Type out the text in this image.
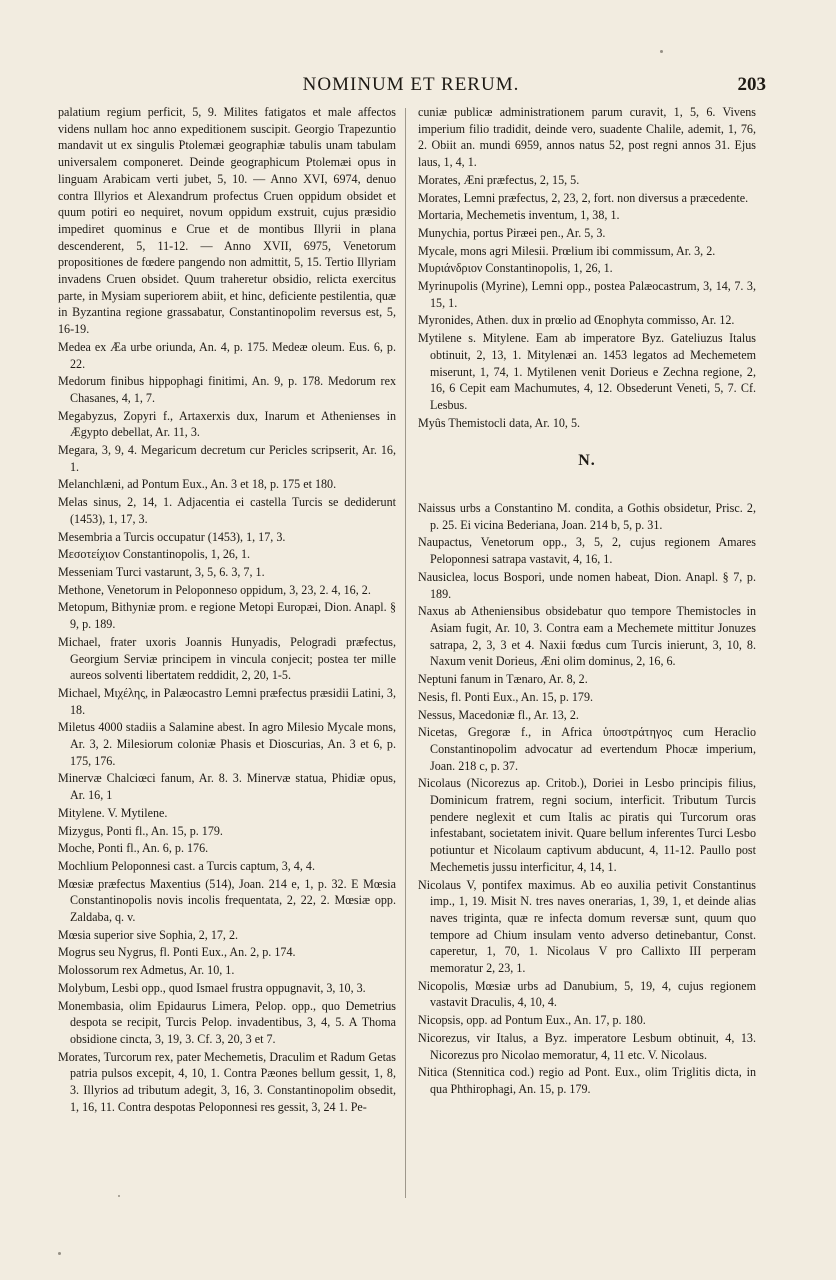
NOMINUM ET RERUM.	203

palatium regium perficit, 5, 9. Milites fatigatos et male affectos videns nullam hoc anno expeditionem suscipit. Georgio Trapezuntio mandavit ut ex singulis Ptolemæi geographiæ tabulis unam tabulam universalem componeret. Deinde geographicum Ptolemæi opus in linguam Arabicam verti jubet, 5, 10. — Anno XVI, 6974, denuo contra Illyrios et Alexandrum profectus Cruen oppidum obsidet et quum potiri eo nequiret, novum oppidum exstruit, cujus præsidio impediret quominus e Crue et de montibus Illyrii in plana descenderent, 5, 11-12. — Anno XVII, 6975, Venetorum propositiones de fœdere pangendo non admittit, 5, 15. Tertio Illyriam invadens Cruen obsidet. Quum traheretur obsidio, relicta exercitus parte, in Mysiam superiorem abiit, et hinc, deficiente pestilentia, quæ in Byzantina regione grassabatur, Constantinopolim reversus est, 5, 16-19.

Medea ex Æa urbe oriunda, An. 4, p. 175. Medeæ oleum. Eus. 6, p. 22.

Medorum finibus hippophagi finitimi, An. 9, p. 178. Medorum rex Chasanes, 4, 1, 7.

Megabyzus, Zopyri f., Artaxerxis dux, Inarum et Athenienses in Ægypto debellat, Ar. 11, 3.

Megara, 3, 9, 4. Megaricum decretum cur Pericles scripserit, Ar. 16, 1.

Melanchlæni, ad Pontum Eux., An. 3 et 18, p. 175 et 180.

Melas sinus, 2, 14, 1. Adjacentia ei castella Turcis se dediderunt (1453), 1, 17, 3.

Mesembria a Turcis occupatur (1453), 1, 17, 3.

Μεσοτείχιον Constantinopolis, 1, 26, 1.

Messeniam Turci vastarunt, 3, 5, 6. 3, 7, 1.

Methone, Venetorum in Peloponneso oppidum, 3, 23, 2. 4, 16, 2.

Metopum, Bithyniæ prom. e regione Metopi Europæi, Dion. Anapl. § 9, p. 189.

Michael, frater uxoris Joannis Hunyadis, Pelogradi præfectus, Georgium Serviæ principem in vincula conjecit; postea ter mille aureos solventi libertatem reddidit, 2, 20, 1-5.

Michael, Μιχέλης, in Palæocastro Lemni præfectus præsidii Latini, 3, 18.

Miletus 4000 stadiis a Salamine abest. In agro Milesio Mycale mons, Ar. 3, 2. Milesiorum coloniæ Phasis et Dioscurias, An. 3 et 6, p. 175, 176.

Minervæ Chalciœci fanum, Ar. 8. 3. Minervæ statua, Phidiæ opus, Ar. 16, 1

Mitylene. V. Mytilene.

Mizygus, Ponti fl., An. 15, p. 179.

Moche, Ponti fl., An. 6, p. 176.

Mochlium Peloponnesi cast. a Turcis captum, 3, 4, 4.

Mœsiæ præfectus Maxentius (514), Joan. 214 e, 1, p. 32. E Mœsia Constantinopolis novis incolis frequentata, 2, 22, 2. Mœsiæ opp. Zaldaba, q. v.

Mœsia superior sive Sophia, 2, 17, 2.

Mogrus seu Nygrus, fl. Ponti Eux., An. 2, p. 174.

Molossorum rex Admetus, Ar. 10, 1.

Molybum, Lesbi opp., quod Ismael frustra oppugnavit, 3, 10, 3.

Monembasia, olim Epidaurus Limera, Pelop. opp., quo Demetrius despota se recipit, Turcis Pelop. invadentibus, 3, 4, 5. A Thoma obsidione cincta, 3, 19, 3. Cf. 3, 20, 3 et 7.

Morates, Turcorum rex, pater Mechemetis, Draculim et Radum Getas patria pulsos excepit, 4, 10, 1. Contra Pæones bellum gessit, 1, 8, 3. Illyrios ad tributum adegit, 3, 16, 3. Constantinopolim obsedit, 1, 16, 11. Contra despotas Peloponnesi res gessit, 3, 24 1. Pe-

cuniæ publicæ administrationem parum curavit, 1, 5, 6. Vivens imperium filio tradidit, deinde vero, suadente Chalile, ademit, 1, 76, 2. Obiit an. mundi 6959, annos natus 52, post regni annos 31. Ejus laus, 1, 4, 1.

Morates, Æni præfectus, 2, 15, 5.

Morates, Lemni præfectus, 2, 23, 2, fort. non diversus a præcedente.

Mortaria, Mechemetis inventum, 1, 38, 1.

Munychia, portus Piræei pen., Ar. 5, 3.

Mycale, mons agri Milesii. Prœlium ibi commissum, Ar. 3, 2.

Μυριάνδριον Constantinopolis, 1, 26, 1.

Myrinupolis (Myrine), Lemni opp., postea Palæocastrum, 3, 14, 7. 3, 15, 1.

Myronides, Athen. dux in prœlio ad Œnophyta commisso, Ar. 12.

Mytilene s. Mitylene. Eam ab imperatore Byz. Gateliuzus Italus obtinuit, 2, 13, 1. Mitylenæi an. 1453 legatos ad Mechemetem miserunt, 1, 74, 1. Mytilenen venit Dorieus e Zechna regione, 2, 16, 6 Cepit eam Machumutes, 4, 12. Obsederunt Veneti, 5, 7. Cf. Lesbus.

Myûs Themistocli data, Ar. 10, 5.

N.

Naissus urbs a Constantino M. condita, a Gothis obsidetur, Prisc. 2, p. 25. Ei vicina Bederiana, Joan. 214 b, 5, p. 31.

Naupactus, Venetorum opp., 3, 5, 2, cujus regionem Amares Peloponnesi satrapa vastavit, 4, 16, 1.

Nausiclea, locus Bospori, unde nomen habeat, Dion. Anapl. § 7, p. 189.

Naxus ab Atheniensibus obsidebatur quo tempore Themistocles in Asiam fugit, Ar. 10, 3. Contra eam a Mechemete mittitur Jonuzes satrapa, 2, 3, 3 et 4. Naxii fœdus cum Turcis inierunt, 3, 10, 8. Naxum venit Dorieus, Æni olim dominus, 2, 16, 6.

Neptuni fanum in Tænaro, Ar. 8, 2.

Nesis, fl. Ponti Eux., An. 15, p. 179.

Nessus, Macedoniæ fl., Ar. 13, 2.

Nicetas, Gregoræ f., in Africa ὑποστράτηγος cum Heraclio Constantinopolim advocatur ad evertendum Phocæ imperium, Joan. 218 c, p. 37.

Nicolaus (Nicorezus ap. Critob.), Dorieі in Lesbo principis filius, Dominicum fratrem, regni socium, interficit. Tributum Turcis pendere neglexit et cum Italis ac piratis qui Turcorum oras infestabant, societatem inivit. Quare bellum inferentes Turci Lesbo potiuntur et Nicolaum captivum abducunt, 4, 11-12. Paullo post Mechemetis jussu interficitur, 4, 14, 1.

Nicolaus V, pontifex maximus. Ab eo auxilia petivit Constantinus imp., 1, 19. Misit N. tres naves onerarias, 1, 39, 1, et deinde alias naves triginta, quæ re infecta domum reversæ sunt, quum quo tempore ad Chium insulam vento adverso detinebantur, Const. caperetur, 1, 70, 1. Nicolaus V pro Callixto III perperam memoratur 2, 23, 1.

Nicopolis, Mœsiæ urbs ad Danubium, 5, 19, 4, cujus regionem vastavit Draculis, 4, 10, 4.

Nicopsis, opp. ad Pontum Eux., An. 17, p. 180.

Nicorezus, vir Italus, a Byz. imperatore Lesbum obtinuit, 4, 13. Nicorezus pro Nicolao memoratur, 4, 11 etc. V. Nicolaus.

Nitica (Stennitica cod.) regio ad Pont. Eux., olim Triglitis dicta, in qua Phthirophagi, An. 15, p. 179.
